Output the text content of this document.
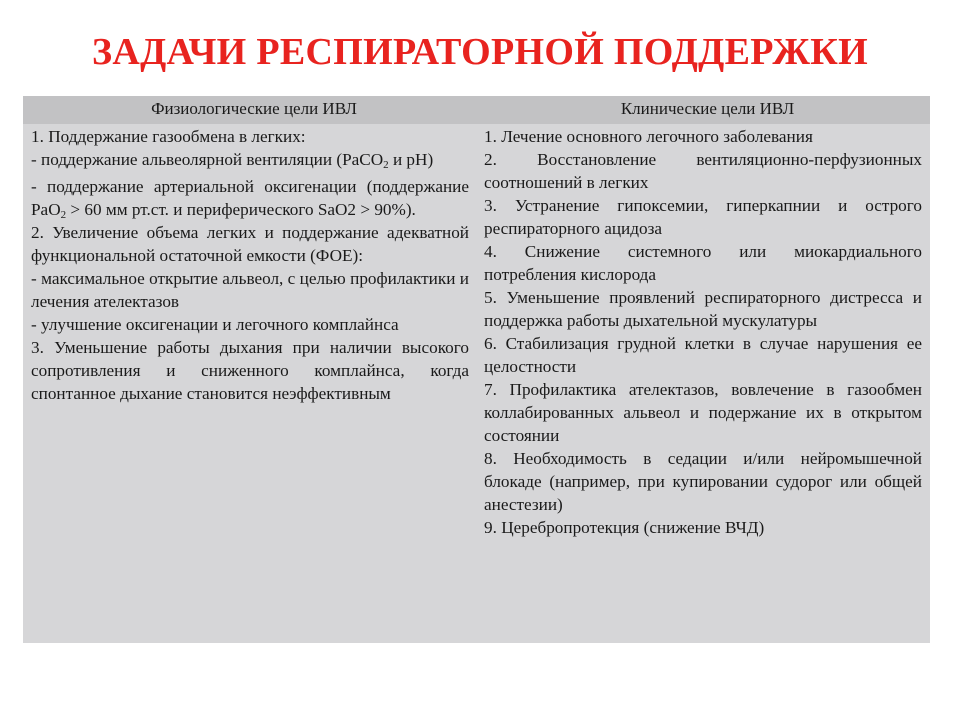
ЗАДАЧИ РЕСПИРАТОРНОЙ ПОДДЕРЖКИ
Физиологические цели ИВЛ	Клинические цели ИВЛ

1. Поддержание газообмена в легких:

- поддержание альвеолярной вентиляции (PaCO$_2$ и pH)

- поддержание артериальной оксигенации (поддержание PaO$_2$ > 60 мм рт.ст. и периферического SaO2 > 90%).

2. Увеличение объема легких и поддержание адекватной функциональной остаточной емкости (ФОЕ):

- максимальное открытие альвеол, с целью профилактики и лечения ателектазов

- улучшение оксигенации и легочного комплайнса

3. Уменьшение работы дыхания при наличии высокого сопротивления и сниженного комплайнса, когда спонтанное дыхание становится неэффективным

1. Лечение основного легочного заболевания

2. Восстановление вентиляционно-перфузионных соотношений в легких

3. Устранение гипоксемии, гиперкапнии и острого респираторного ацидоза

4. Снижение системного или миокардиального потребления кислорода

5. Уменьшение проявлений респираторного дистресса и поддержка работы дыхательной мускулатуры

6. Стабилизация грудной клетки в случае нарушения ее целостности

7. Профилактика ателектазов, вовлечение в газообмен коллабированных альвеол и подержание их в открытом состоянии

8. Необходимость в седации и/или нейромышечной блокаде (например, при купировании судорог или общей анестезии)

9. Церебропротекция (снижение ВЧД)
